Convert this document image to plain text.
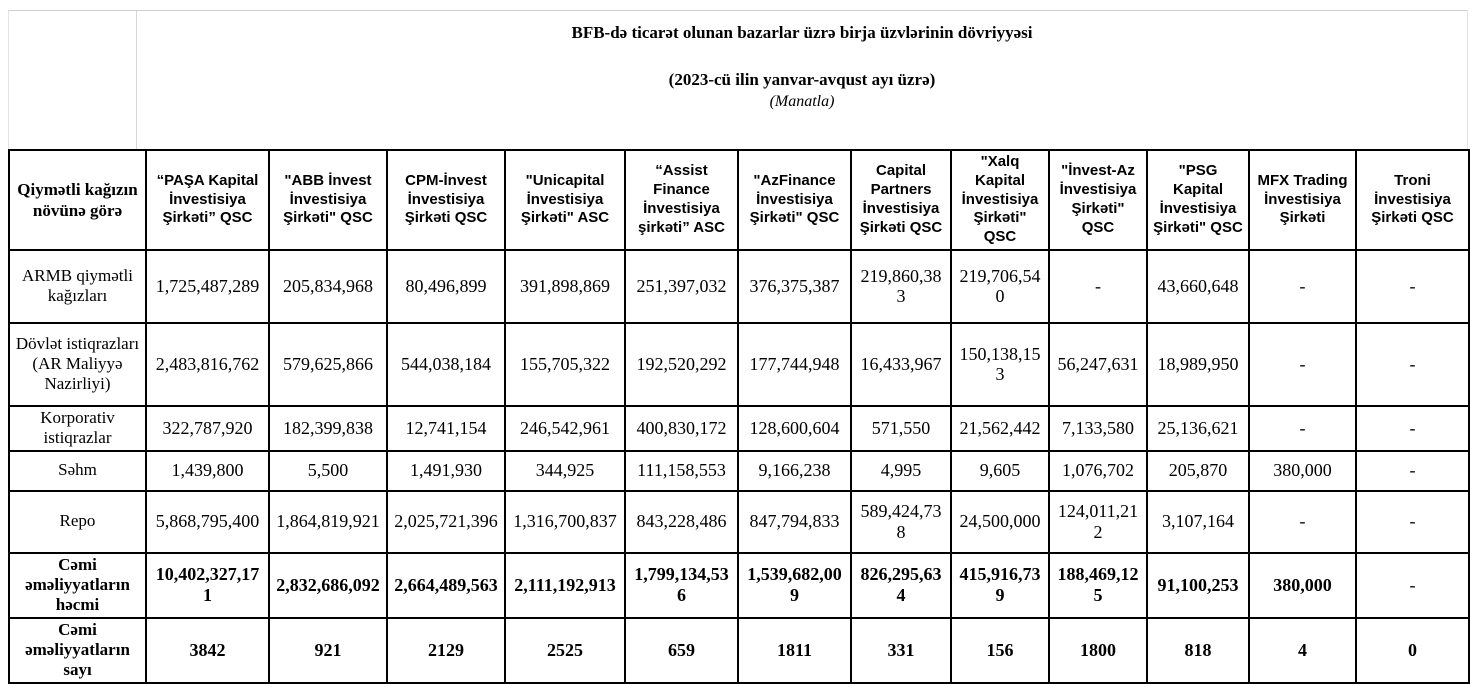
BFB-də ticarət olunan bazarlar üzrə birja üzvlərinin dövriyyəsi
(2023-cü ilin yanvar-avqust ayı üzrə)
(Manatla)
Qiymətli kağızın növünə görə	“PAŞA Kapital İnvestisiya Şirkəti” QSC	"ABB İnvest İnvestisiya Şirkəti" QSC	CPM-İnvest İnvestisiya Şirkəti QSC	"Unicapital İnvestisiya Şirkəti" ASC	“Assist Finance İnvestisiya şirkəti” ASC	"AzFinance İnvestisiya Şirkəti" QSC	Capital Partners İnvestisiya Şirkəti QSC	"Xalq Kapital İnvestisiya Şirkəti" QSC	"İnvest-Az İnvestisiya Şirkəti" QSC	"PSG Kapital İnvestisiya Şirkəti" QSC	MFX Trading İnvestisiya Şirkəti	Troni İnvestisiya Şirkəti QSC
ARMB qiymətli kağızları	1,725,487,289	205,834,968	80,496,899	391,898,869	251,397,032	376,375,387	219,860,383	219,706,540	-	43,660,648	-	-
Dövlət istiqrazları (AR Maliyyə Nazirliyi)	2,483,816,762	579,625,866	544,038,184	155,705,322	192,520,292	177,744,948	16,433,967	150,138,153	56,247,631	18,989,950	-	-
Korporativ istiqrazlar	322,787,920	182,399,838	12,741,154	246,542,961	400,830,172	128,600,604	571,550	21,562,442	7,133,580	25,136,621	-	-
Səhm	1,439,800	5,500	1,491,930	344,925	111,158,553	9,166,238	4,995	9,605	1,076,702	205,870	380,000	-
Repo	5,868,795,400	1,864,819,921	2,025,721,396	1,316,700,837	843,228,486	847,794,833	589,424,738	24,500,000	124,011,212	3,107,164	-	-
Cəmi əməliyyatların həcmi	10,402,327,171	2,832,686,092	2,664,489,563	2,111,192,913	1,799,134,536	1,539,682,009	826,295,634	415,916,739	188,469,125	91,100,253	380,000	-
Cəmi əməliyyatların sayı	3842	921	2129	2525	659	1811	331	156	1800	818	4	0
